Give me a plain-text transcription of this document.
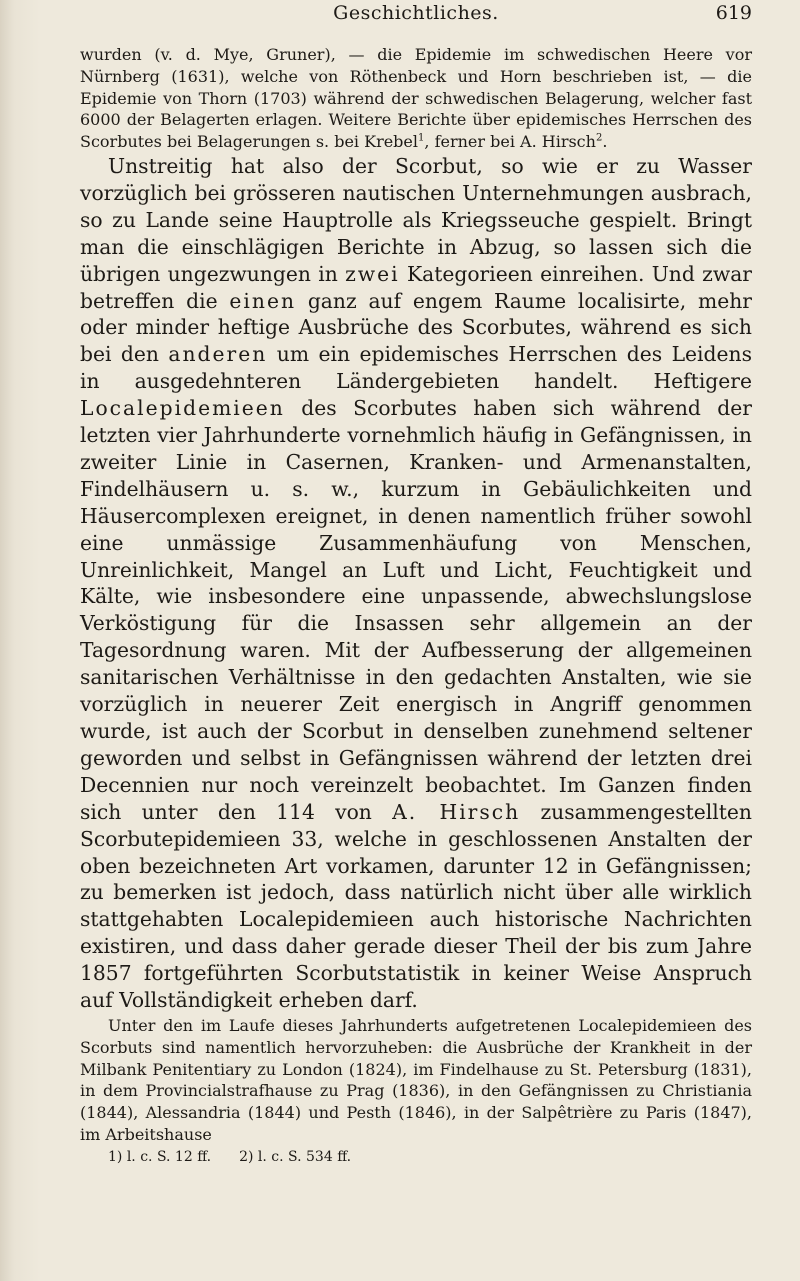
Geschichtliches.	619

wurden (v. d. Mye, Gruner), — die Epidemie im schwedischen Heere vor Nürnberg (1631), welche von Röthenbeck und Horn beschrieben ist, — die Epidemie von Thorn (1703) während der schwedischen Belagerung, welcher fast 6000 der Belagerten erlagen. Weitere Berichte über epidemisches Herrschen des Scorbutes bei Belagerungen s. bei Krebel$^1$, ferner bei A. Hirsch$^2$.

Unstreitig hat also der Scorbut, so wie er zu Wasser vorzüglich bei grösseren nautischen Unternehmungen ausbrach, so zu Lande seine Hauptrolle als Kriegsseuche gespielt. Bringt man die einschlägigen Berichte in Abzug, so lassen sich die übrigen ungezwungen in zwei Kategorieen einreihen. Und zwar betreffen die einen ganz auf engem Raume localisirte, mehr oder minder heftige Ausbrüche des Scorbutes, während es sich bei den anderen um ein epidemisches Herrschen des Leidens in ausgedehnteren Ländergebieten handelt. Heftigere Localepidemieen des Scorbutes haben sich während der letzten vier Jahrhunderte vornehmlich häufig in Gefängnissen, in zweiter Linie in Casernen, Kranken- und Armenanstalten, Findelhäusern u. s. w., kurzum in Gebäulichkeiten und Häusercomplexen ereignet, in denen namentlich früher sowohl eine unmässige Zusammenhäufung von Menschen, Unreinlichkeit, Mangel an Luft und Licht, Feuchtigkeit und Kälte, wie insbesondere eine unpassende, abwechslungslose Verköstigung für die Insassen sehr allgemein an der Tagesordnung waren. Mit der Aufbesserung der allgemeinen sanitarischen Verhältnisse in den gedachten Anstalten, wie sie vorzüglich in neuerer Zeit energisch in Angriff genommen wurde, ist auch der Scorbut in denselben zunehmend seltener geworden und selbst in Gefängnissen während der letzten drei Decennien nur noch vereinzelt beobachtet. Im Ganzen finden sich unter den 114 von A. Hirsch zusammengestellten Scorbutepidemieen 33, welche in geschlossenen Anstalten der oben bezeichneten Art vorkamen, darunter 12 in Gefängnissen; zu bemerken ist jedoch, dass natürlich nicht über alle wirklich stattgehabten Localepidemieen auch historische Nachrichten existiren, und dass daher gerade dieser Theil der bis zum Jahre 1857 fortgeführten Scorbutstatistik in keiner Weise Anspruch auf Vollständigkeit erheben darf.

Unter den im Laufe dieses Jahrhunderts aufgetretenen Localepidemieen des Scorbuts sind namentlich hervorzuheben: die Ausbrüche der Krankheit in der Milbank Penitentiary zu London (1824), im Findelhause zu St. Petersburg (1831), in dem Provincialstrafhause zu Prag (1836), in den Gefängnissen zu Christiania (1844), Alessandria (1844) und Pesth (1846), in der Salpêtrière zu Paris (1847), im Arbeitshause

1) l. c. S. 12 ff. 2) l. c. S. 534 ff.
